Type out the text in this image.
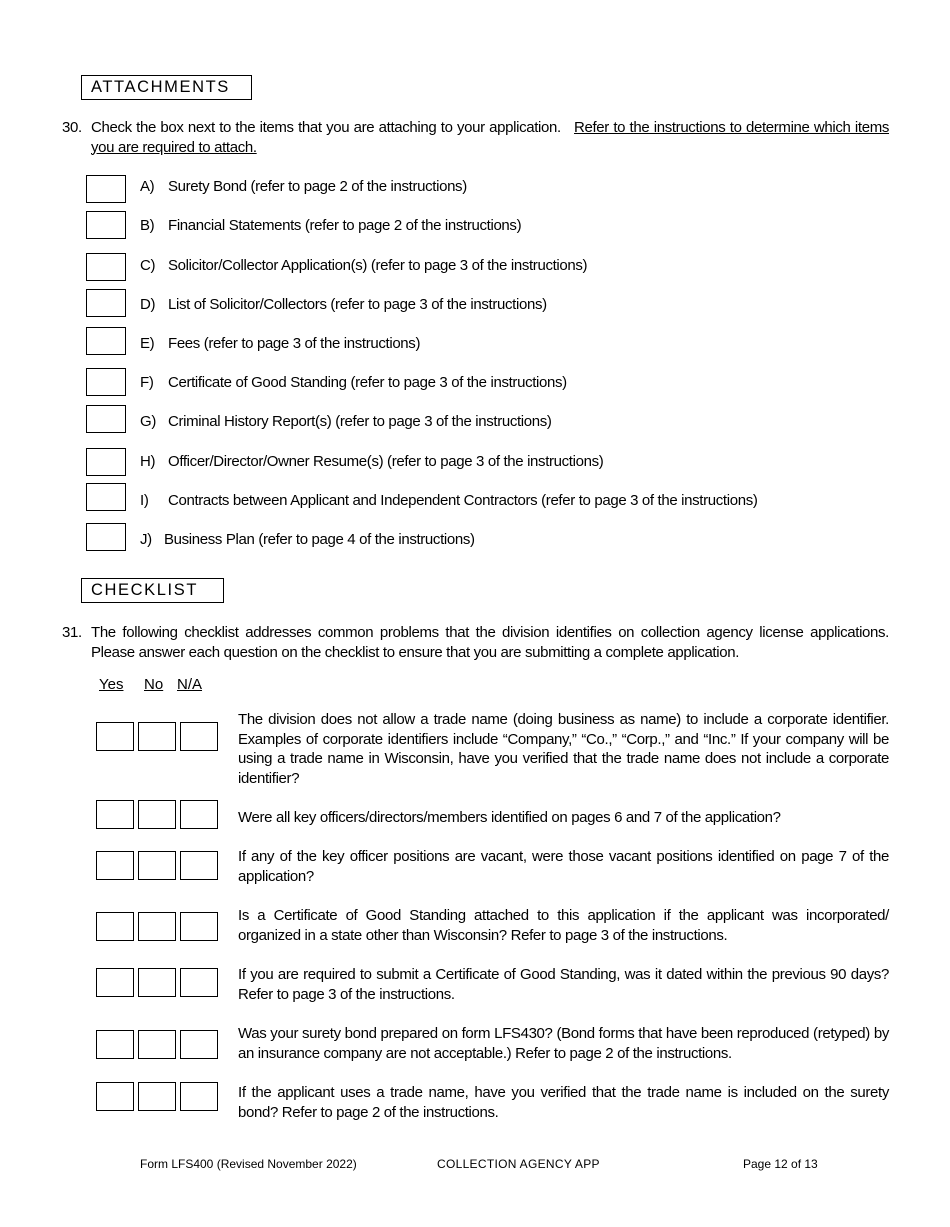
ATTACHMENTS
30. Check the box next to the items that you are attaching to your application. Refer to the instructions to determine which items you are required to attach.
A) Surety Bond (refer to page 2 of the instructions)
B) Financial Statements (refer to page 2 of the instructions)
C) Solicitor/Collector Application(s) (refer to page 3 of the instructions)
D) List of Solicitor/Collectors (refer to page 3 of the instructions)
E) Fees (refer to page 3 of the instructions)
F) Certificate of Good Standing (refer to page 3 of the instructions)
G) Criminal History Report(s) (refer to page 3 of the instructions)
H) Officer/Director/Owner Resume(s) (refer to page 3 of the instructions)
I) Contracts between Applicant and Independent Contractors (refer to page 3 of the instructions)
J) Business Plan (refer to page 4 of the instructions)
CHECKLIST
31. The following checklist addresses common problems that the division identifies on collection agency license applications. Please answer each question on the checklist to ensure that you are submitting a complete application.
Yes No N/A
The division does not allow a trade name (doing business as name) to include a corporate identifier. Examples of corporate identifiers include “Company,” “Co.,” “Corp.,” and “Inc.” If your company will be using a trade name in Wisconsin, have you verified that the trade name does not include a corporate identifier?
Were all key officers/directors/members identified on pages 6 and 7 of the application?
If any of the key officer positions are vacant, were those vacant positions identified on page 7 of the application?
Is a Certificate of Good Standing attached to this application if the applicant was incorporated/ organized in a state other than Wisconsin? Refer to page 3 of the instructions.
If you are required to submit a Certificate of Good Standing, was it dated within the previous 90 days? Refer to page 3 of the instructions.
Was your surety bond prepared on form LFS430? (Bond forms that have been reproduced (retyped) by an insurance company are not acceptable.) Refer to page 2 of the instructions.
If the applicant uses a trade name, have you verified that the trade name is included on the surety bond? Refer to page 2 of the instructions.
Form LFS400 (Revised November 2022)	COLLECTION AGENCY APP	Page 12 of 13
